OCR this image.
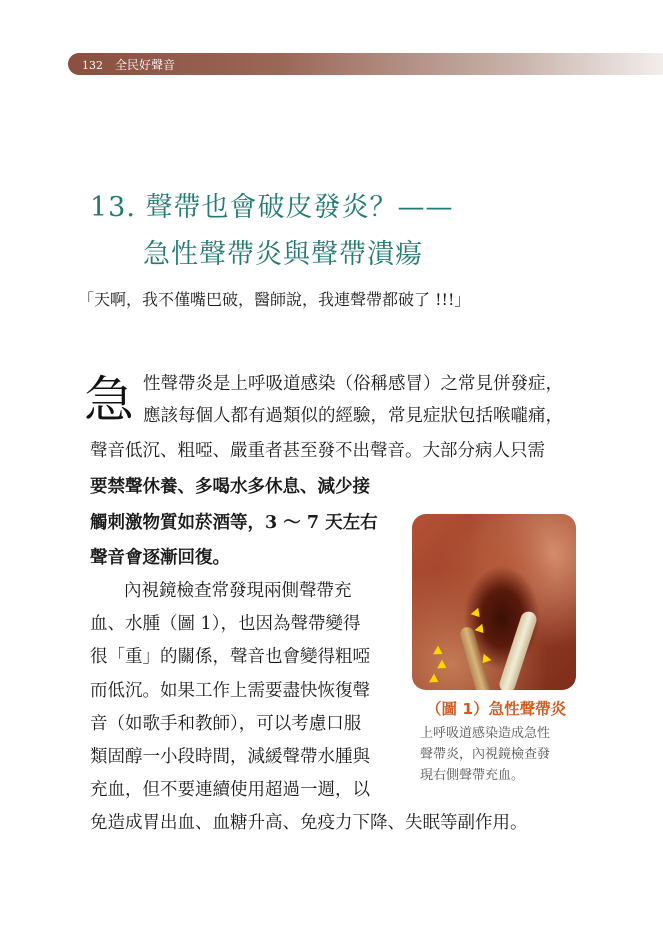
132 全民好聲音
13. 聲帶也會破皮發炎？——
急性聲帶炎與聲帶潰瘍
「天啊，我不僅嘴巴破，醫師說，我連聲帶都破了 !!!」
急 性聲帶炎是上呼吸道感染（俗稱感冒）之常見併發症，
應該每個人都有過類似的經驗，常見症狀包括喉嚨痛，
聲音低沉、粗啞、嚴重者甚至發不出聲音。大部分病人只需
要禁聲休養、多喝水多休息、減少接
觸刺激物質如菸酒等，3 ～ 7 天左右
聲音會逐漸回復。
內視鏡檢查常發現兩側聲帶充
血、水腫（圖 1），也因為聲帶變得
很「重」的關係，聲音也會變得粗啞
而低沉。如果工作上需要盡快恢復聲
音（如歌手和教師），可以考慮口服
類固醇一小段時間，減緩聲帶水腫與
充血，但不要連續使用超過一週，以
免造成胃出血、血糖升高、免疫力下降、失眠等副作用。
（圖 1）急性聲帶炎
上呼吸道感染造成急性
聲帶炎，內視鏡檢查發
現右側聲帶充血。
